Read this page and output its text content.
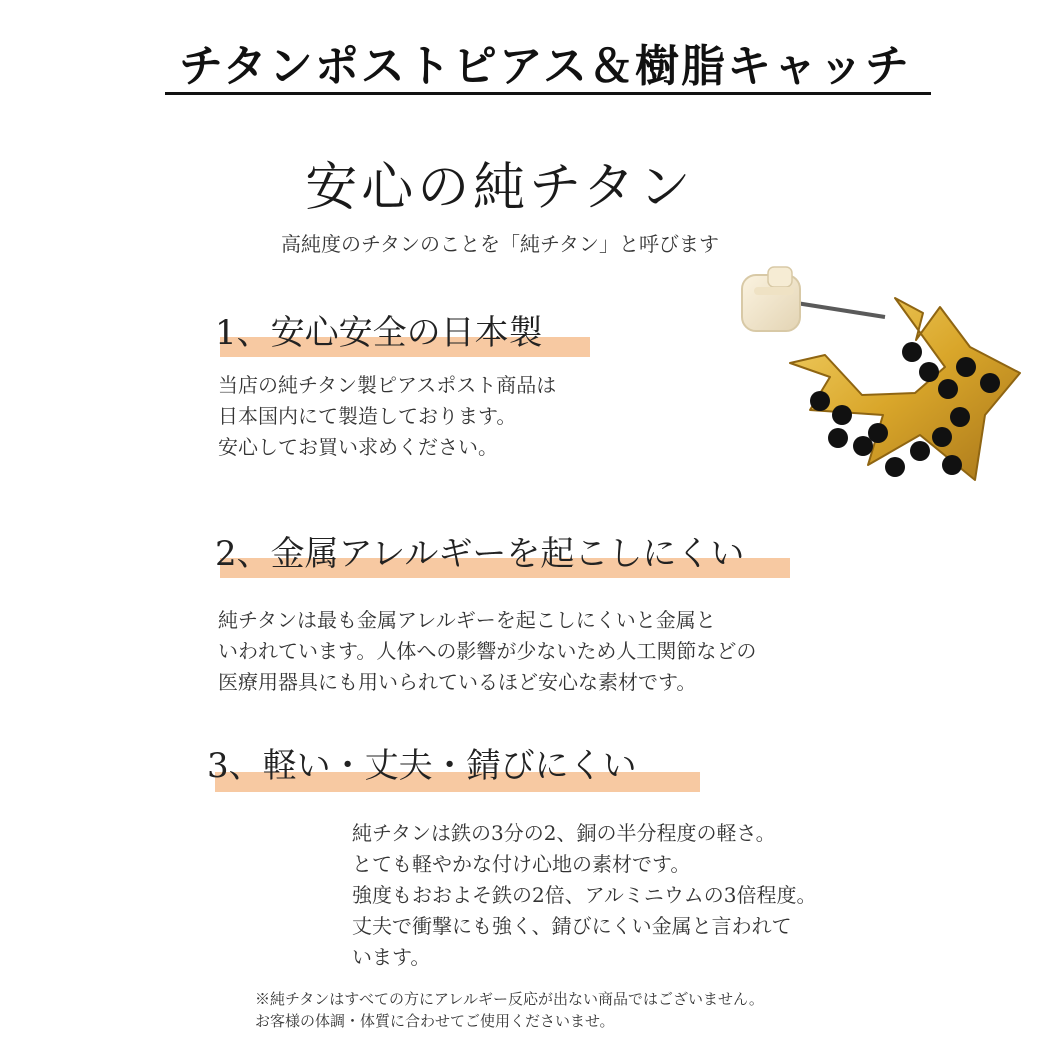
チタンポストピアス＆樹脂キャッチ
安心の純チタン
高純度のチタンのことを「純チタン」と呼びます
1、安心安全の日本製
当店の純チタン製ピアスポスト商品は
日本国内にて製造しております。
安心してお買い求めください。
2、金属アレルギーを起こしにくい
純チタンは最も金属アレルギーを起こしにくいと金属と
いわれています。人体への影響が少ないため人工関節などの
医療用器具にも用いられているほど安心な素材です。
3、軽い・丈夫・錆びにくい
純チタンは鉄の3分の2、銅の半分程度の軽さ。
とても軽やかな付け心地の素材です。
強度もおおよそ鉄の2倍、アルミニウムの3倍程度。
丈夫で衝撃にも強く、錆びにくい金属と言われて
います。
※純チタンはすべての方にアレルギー反応が出ない商品ではございません。
お客様の体調・体質に合わせてご使用くださいませ。
